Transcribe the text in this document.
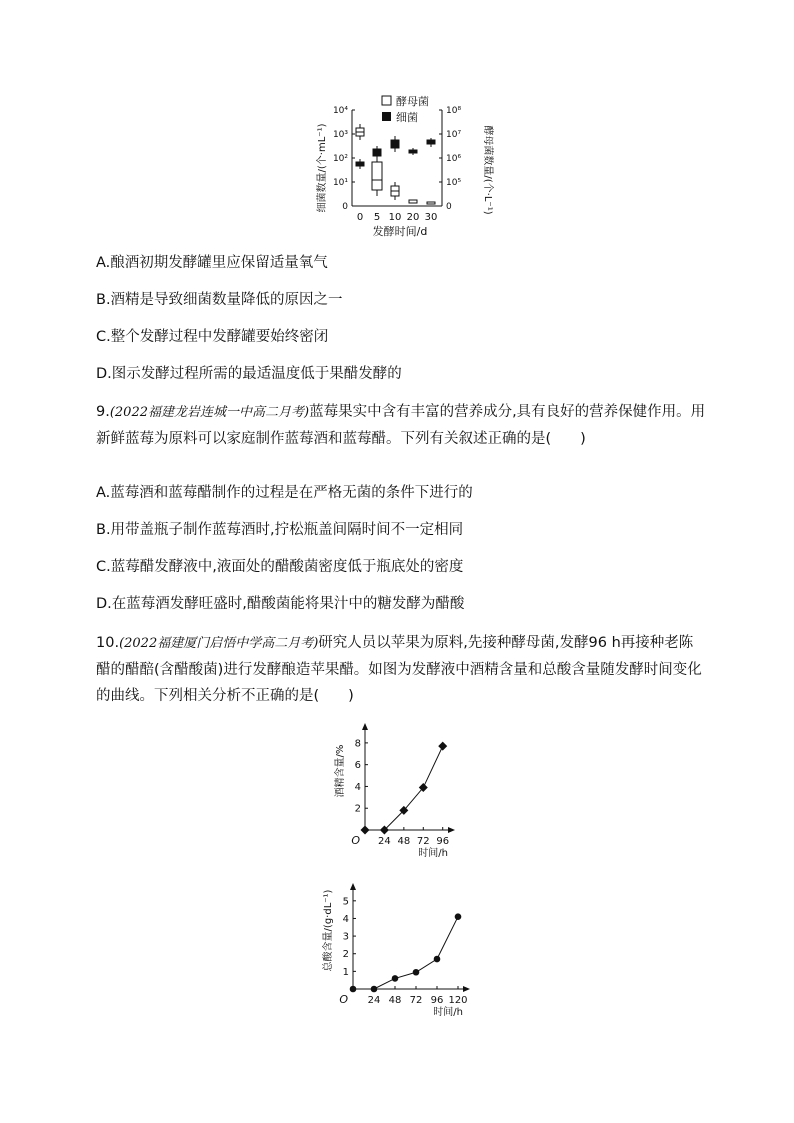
0
10¹
10²
10³
10⁴
0
10⁵
10⁶
10⁷
10⁸
0 5 10 20 30
发酵时间/d
细菌数量/(个·mL⁻¹)	酵母菌数量/(个·L⁻¹)
酵母菌
细菌
A.酿酒初期发酵罐里应保留适量氧气
B.酒精是导致细菌数量降低的原因之一
C.整个发酵过程中发酵罐要始终密闭
D.图示发酵过程所需的最适温度低于果醋发酵的
9.(2022福建龙岩连城一中高二月考)蓝莓果实中含有丰富的营养成分,具有良好的营养保健作用。用新鲜蓝莓为原料可以家庭制作蓝莓酒和蓝莓醋。下列有关叙述正确的是(　　)
A.蓝莓酒和蓝莓醋制作的过程是在严格无菌的条件下进行的
B.用带盖瓶子制作蓝莓酒时,拧松瓶盖间隔时间不一定相同
C.蓝莓醋发酵液中,液面处的醋酸菌密度低于瓶底处的密度
D.在蓝莓酒发酵旺盛时,醋酸菌能将果汁中的糖发酵为醋酸
10.(2022福建厦门启悟中学高二月考)研究人员以苹果为原料,先接种酵母菌,发酵96 h再接种老陈醋的醋醅(含醋酸菌)进行发酵酿造苹果醋。如图为发酵液中酒精含量和总酸含量随发酵时间变化的曲线。下列相关分析不正确的是(　　)
2
4
6
8
24 48 72 96
O
时间/h
酒精含量/%
1
2
3
4
5
24 48 72 96 120
O
时间/h
总酸含量/(g·dL⁻¹)
